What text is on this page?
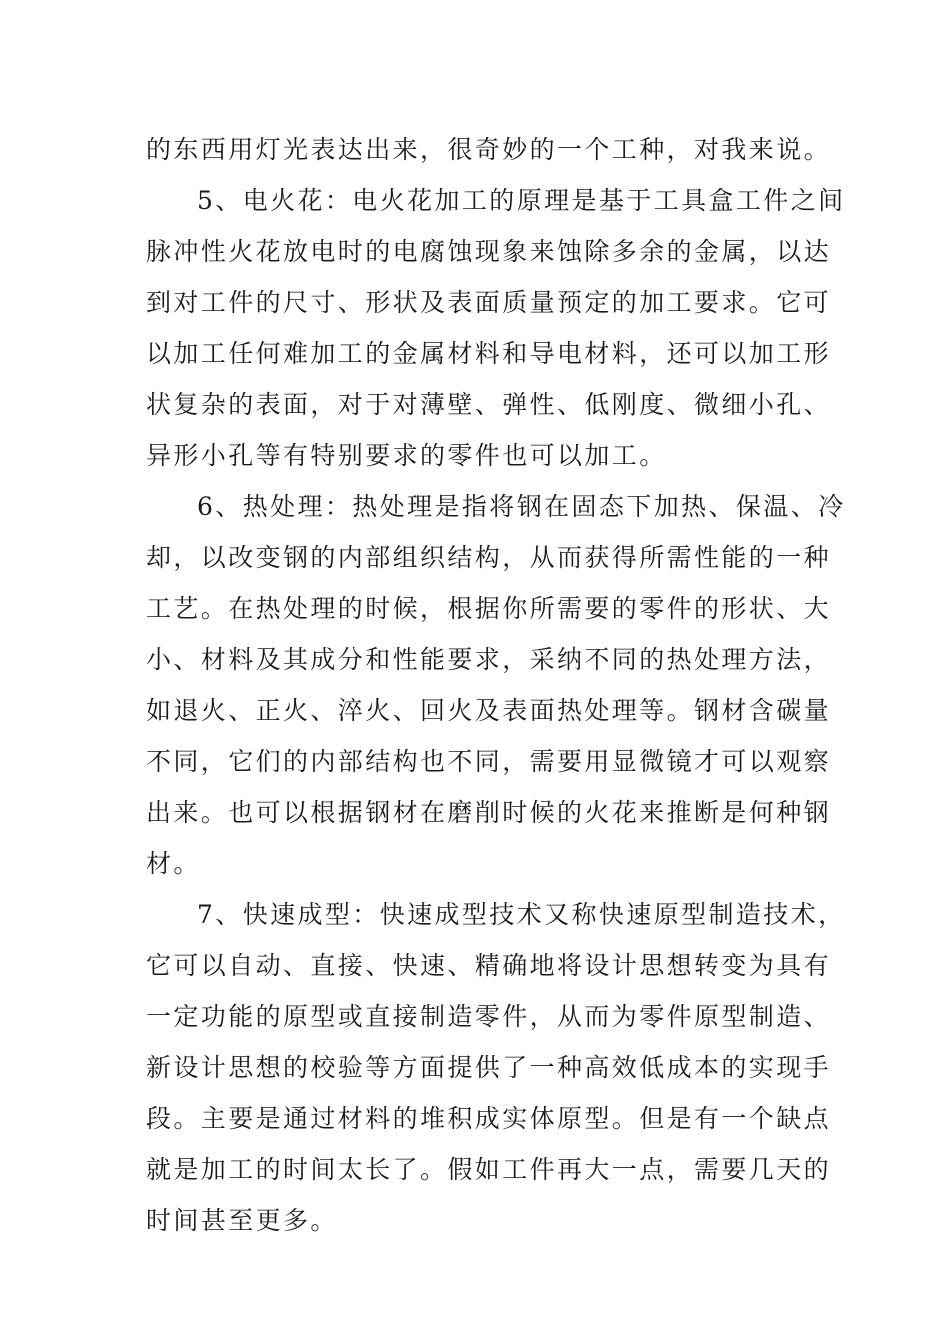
的东西用灯光表达出来，很奇妙的一个工种，对我来说。
5、电火花：电火花加工的原理是基于工具盒工件之间
脉冲性火花放电时的电腐蚀现象来蚀除多余的金属，以达
到对工件的尺寸、形状及表面质量预定的加工要求。它可
以加工任何难加工的金属材料和导电材料，还可以加工形
状复杂的表面，对于对薄壁、弹性、低刚度、微细小孔、
异形小孔等有特别要求的零件也可以加工。
6、热处理：热处理是指将钢在固态下加热、保温、冷
却，以改变钢的内部组织结构，从而获得所需性能的一种
工艺。在热处理的时候，根据你所需要的零件的形状、大
小、材料及其成分和性能要求，采纳不同的热处理方法，
如退火、正火、淬火、回火及表面热处理等。钢材含碳量
不同，它们的内部结构也不同，需要用显微镜才可以观察
出来。也可以根据钢材在磨削时候的火花来推断是何种钢
材。
7、快速成型：快速成型技术又称快速原型制造技术，
它可以自动、直接、快速、精确地将设计思想转变为具有
一定功能的原型或直接制造零件，从而为零件原型制造、
新设计思想的校验等方面提供了一种高效低成本的实现手
段。主要是通过材料的堆积成实体原型。但是有一个缺点
就是加工的时间太长了。假如工件再大一点，需要几天的
时间甚至更多。
